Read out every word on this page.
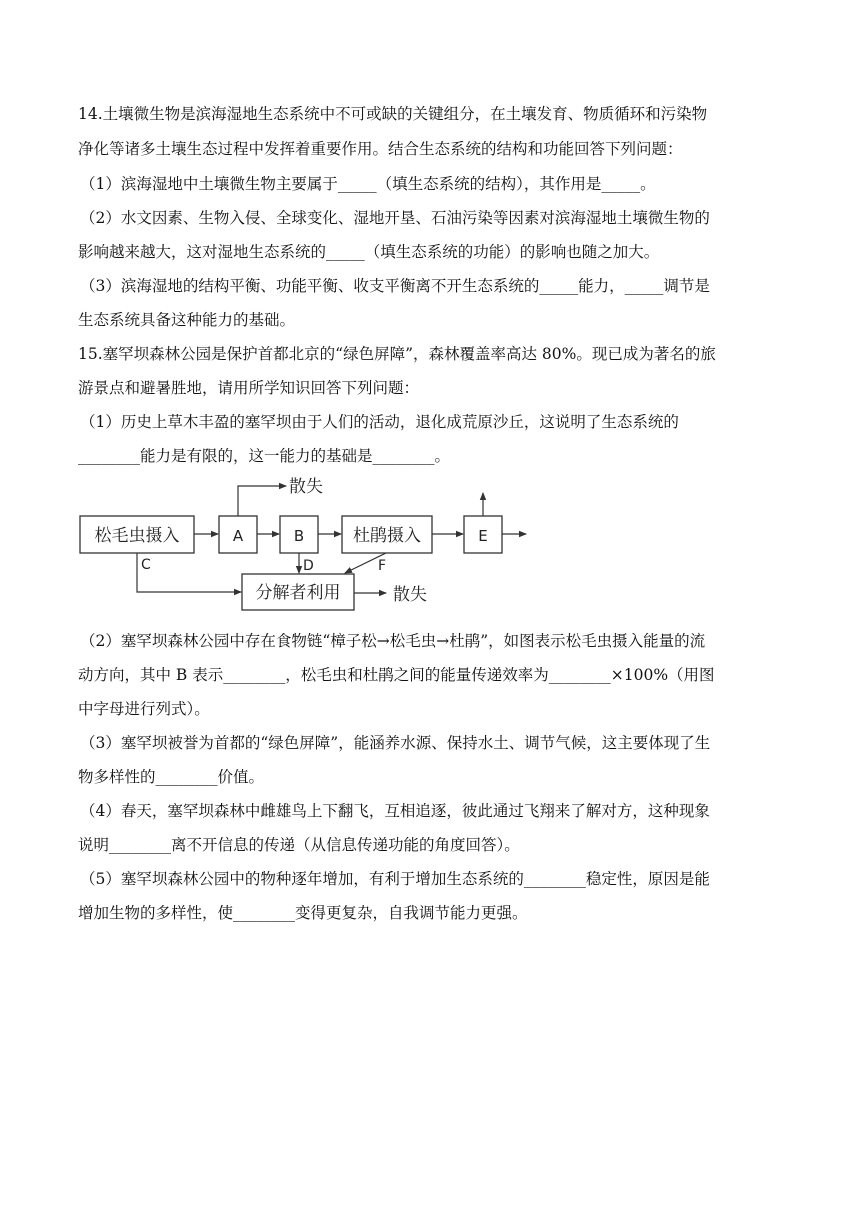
14.土壤微生物是滨海湿地生态系统中不可或缺的关键组分，在土壤发育、物质循环和污染物
净化等诸多土壤生态过程中发挥着重要作用。结合生态系统的结构和功能回答下列问题：
（1）滨海湿地中土壤微生物主要属于_____（填生态系统的结构），其作用是_____。
（2）水文因素、生物入侵、全球变化、湿地开垦、石油污染等因素对滨海湿地土壤微生物的
影响越来越大，这对湿地生态系统的_____（填生态系统的功能）的影响也随之加大。
（3）滨海湿地的结构平衡、功能平衡、收支平衡离不开生态系统的_____能力，_____调节是
生态系统具备这种能力的基础。
15.塞罕坝森林公园是保护首都北京的“绿色屏障”，森林覆盖率高达 80%。现已成为著名的旅
游景点和避暑胜地，请用所学知识回答下列问题：
（1）历史上草木丰盈的塞罕坝由于人们的活动，退化成荒原沙丘，这说明了生态系统的
________能力是有限的，这一能力的基础是________。
松毛虫摄入	A	B	杜鹃摄入	E
分解者利用
散失
散失
C	D	F
（2）塞罕坝森林公园中存在食物链“樟子松→松毛虫→杜鹃”，如图表示松毛虫摄入能量的流
动方向，其中 B 表示________，松毛虫和杜鹃之间的能量传递效率为________×100%（用图
中字母进行列式）。
（3）塞罕坝被誉为首都的“绿色屏障”，能涵养水源、保持水土、调节气候，这主要体现了生
物多样性的________价值。
（4）春天，塞罕坝森林中雌雄鸟上下翻飞，互相追逐，彼此通过飞翔来了解对方，这种现象
说明________离不开信息的传递（从信息传递功能的角度回答）。
（5）塞罕坝森林公园中的物种逐年增加，有利于增加生态系统的________稳定性，原因是能
增加生物的多样性，使________变得更复杂，自我调节能力更强。
